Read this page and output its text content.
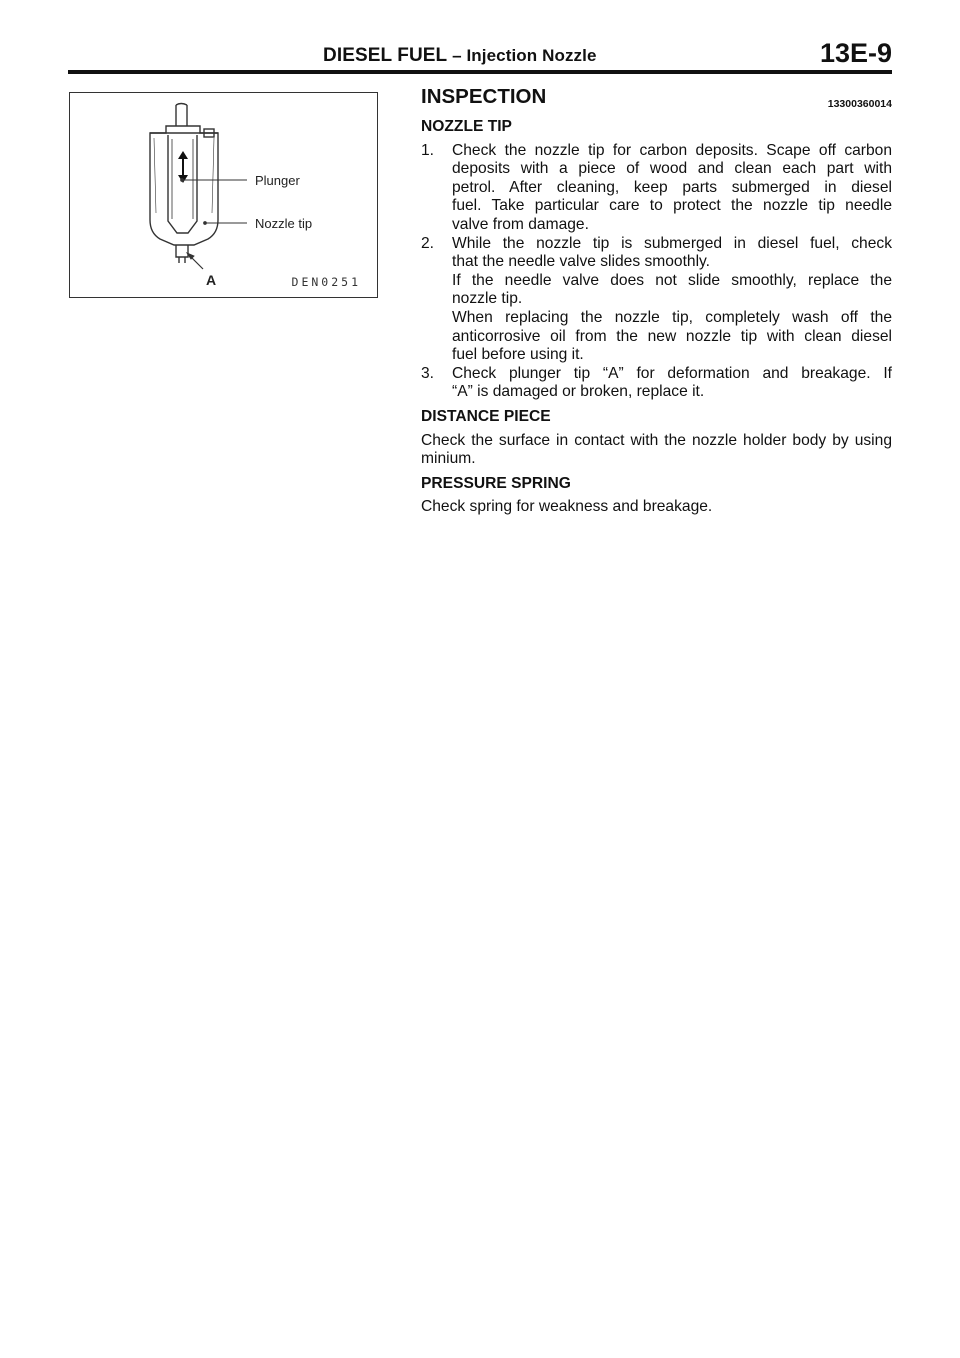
DIESEL FUEL – Injection Nozzle	13E-9
Plunger
Nozzle tip
A	DEN0251
INSPECTION	13300360014
NOZZLE TIP
1.	Check the nozzle tip for carbon deposits. Scape off carbon
deposits with a piece of wood and clean each part with
petrol. After cleaning, keep parts submerged in diesel
fuel. Take particular care to protect the nozzle tip needle
valve from damage.
2.	While the nozzle tip is submerged in diesel fuel, check
that the needle valve slides smoothly.
If the needle valve does not slide smoothly, replace the
nozzle tip.
When replacing the nozzle tip, completely wash off the
anticorrosive oil from the new nozzle tip with clean diesel
fuel before using it.
3.	Check plunger tip “A” for deformation and breakage. If
“A” is damaged or broken, replace it.
DISTANCE PIECE

Check the surface in contact with the nozzle holder body by using minium.

PRESSURE SPRING

Check spring for weakness and breakage.
